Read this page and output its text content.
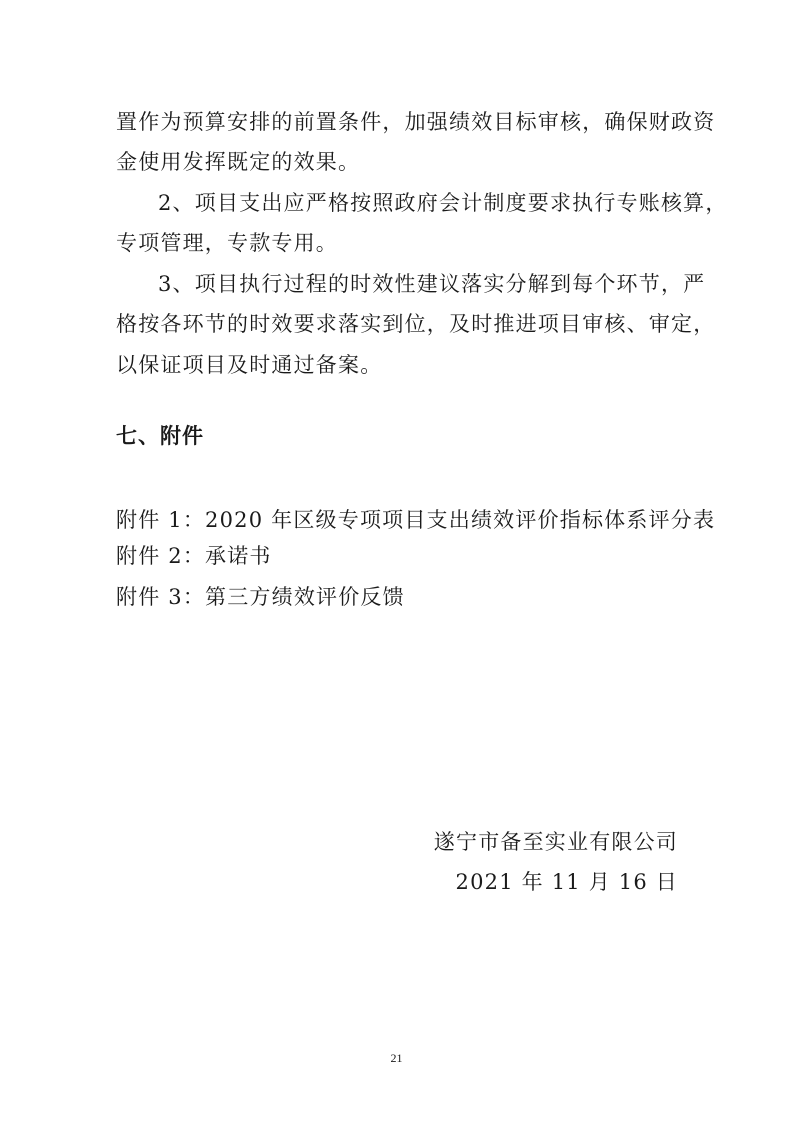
置作为预算安排的前置条件，加强绩效目标审核，确保财政资
金使用发挥既定的效果。
2、项目支出应严格按照政府会计制度要求执行专账核算，
专项管理，专款专用。
3、项目执行过程的时效性建议落实分解到每个环节，严
格按各环节的时效要求落实到位，及时推进项目审核、审定，
以保证项目及时通过备案。
七、附件
附件 1：2020 年区级专项项目支出绩效评价指标体系评分表
附件 2：承诺书
附件 3：第三方绩效评价反馈
遂宁市备至实业有限公司
2021 年 11 月 16 日
21
